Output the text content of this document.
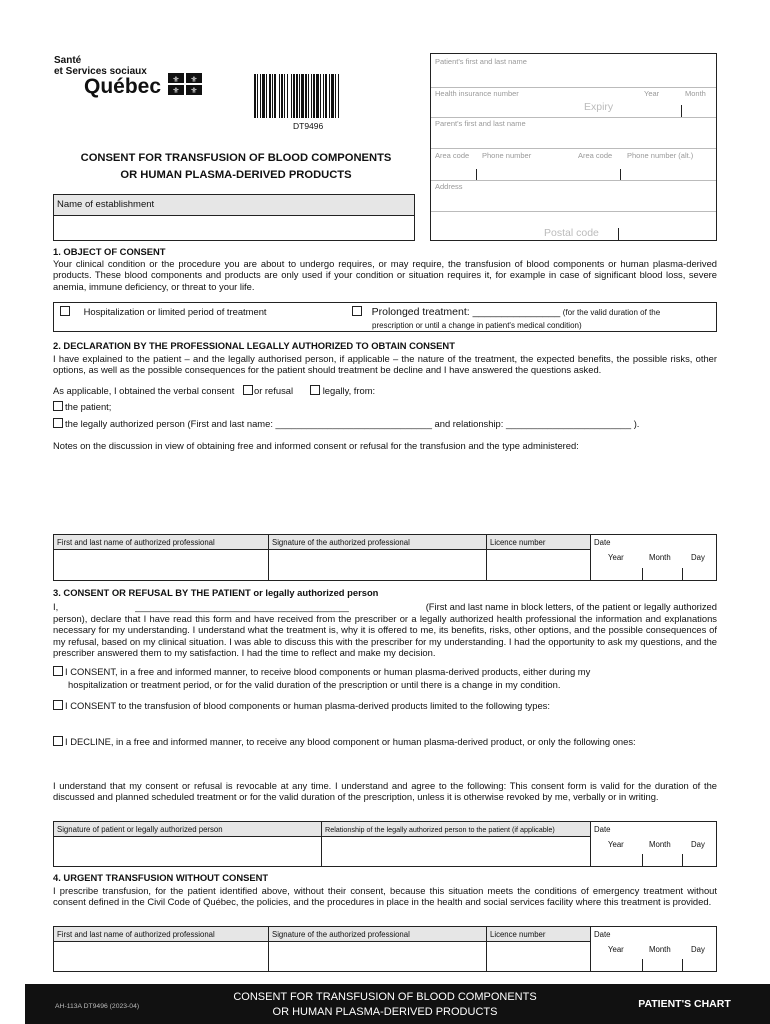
Santé
et Services sociaux
Québec ⚜ ⚜
⚜ ⚜
DT9496
Patient's first and last name
Health insurance number	Year	Month
Expiry
Parent's first and last name
Area code Phone number	Area code Phone number (alt.)
Address
Postal code
CONSENT FOR TRANSFUSION OF BLOOD COMPONENTS
OR HUMAN PLASMA-DERIVED PRODUCTS
Name of establishment
1. OBJECT OF CONSENT
Your clinical condition or the procedure you are about to undergo requires, or may require, the transfusion of blood components or human plasma-derived products. These blood components and products are only used if your condition or situation requires it, for example in case of significant blood loss, severe anemia, immune deficiency, or threat to your life.
Hospitalization or limited period of treatment	Prolonged treatment: _______________ (for the valid duration of the
prescription or until a change in patient's medical condition)
2. DECLARATION BY THE PROFESSIONAL LEGALLY AUTHORIZED TO OBTAIN CONSENT
I have explained to the patient – and the legally authorised person, if applicable – the nature of the treatment, the expected benefits, the possible risks, other options, as well as the possible consequences for the patient should treatment be decline and I have answered the questions asked.
As applicable, I obtained the verbal consent or refusal	legally, from:
the patient;
the legally authorized person (First and last name: ______________________________ and relationship: ________________________ ).
Notes on the discussion in view of obtaining free and informed consent or refusal for the transfusion and the type administered:
First and last name of authorized professional	Signature of the authorized professional	Licence number	Date
Year	Month	Day
3. CONSENT OR REFUSAL BY THE PATIENT or legally authorized person
I,	_________________________________________	(First and last name in block letters, of the patient or legally authorized
person), declare that I have read this form and have received from the prescriber or a legally authorized health professional the information and explanations necessary for my understanding. I understand what the treatment is, why it is offered to me, its benefits, risks, other options, and the possible consequences of my refusal, based on my clinical situation. I was able to discuss this with the prescriber for my understanding. I had the opportunity to ask my questions, and the prescriber answered them to my satisfaction. I had the time to reflect and make my decision.
I CONSENT, in a free and informed manner, to receive blood components or human plasma-derived products, either during my
hospitalization or treatment period, or for the valid duration of the prescription or until there is a change in my condition.
I CONSENT to the transfusion of blood components or human plasma-derived products limited to the following types:
I DECLINE, in a free and informed manner, to receive any blood component or human plasma-derived product, or only the following ones:
I understand that my consent or refusal is revocable at any time. I understand and agree to the following: This consent form is valid for the duration of the discussed and planned scheduled treatment or for the valid duration of the prescription, unless it is otherwise revoked by me, verbally or in writing.
Signature of patient or legally authorized person	Relationship of the legally authorized person to the patient (if applicable)	Date
Year	Month	Day
4. URGENT TRANSFUSION WITHOUT CONSENT
I prescribe transfusion, for the patient identified above, without their consent, because this situation meets the conditions of emergency treatment without consent defined in the Civil Code of Québec, the policies, and the procedures in place in the health and social services facility where this treatment is provided.
First and last name of authorized professional	Signature of the authorized professional	Licence number	Date
Year	Month	Day
AH-113A DT9496 (2023-04)
CONSENT FOR TRANSFUSION OF BLOOD COMPONENTS
OR HUMAN PLASMA-DERIVED PRODUCTS
PATIENT'S CHART
